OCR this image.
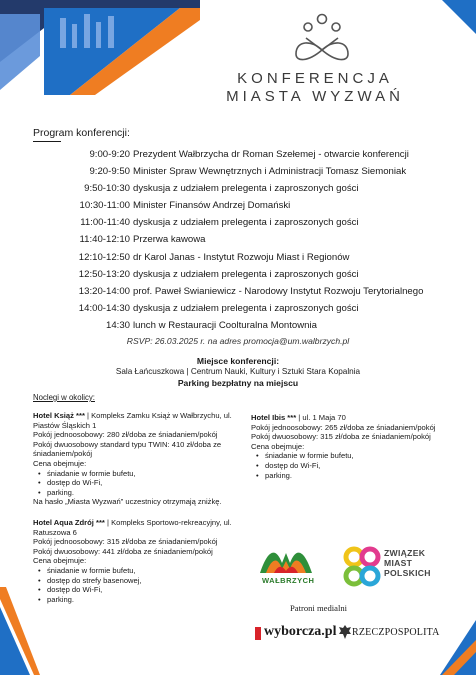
KONFERENCJA
MIASTA WYZWAŃ
Program konferencji:
9:00-9:20 Prezydent Wałbrzycha dr Roman Szełemej - otwarcie konferencji
9:20-9:50 Minister Spraw Wewnętrznych i Administracji Tomasz Siemoniak
9:50-10:30 dyskusja z udziałem prelegenta i zaproszonych gości
10:30-11:00 Minister Finansów Andrzej Domański
11:00-11:40 dyskusja z udziałem prelegenta i zaproszonych gości
11:40-12:10 Przerwa kawowa
12:10-12:50 dr Karol Janas - Instytut Rozwoju Miast i Regionów
12:50-13:20 dyskusja z udziałem prelegenta i zaproszonych gości
13:20-14:00 prof. Paweł Swianiewicz - Narodowy Instytut Rozwoju Terytorialnego
14:00-14:30 dyskusja z udziałem prelegenta i zaproszonych gości
14:30 lunch w Restauracji Coolturalna Montownia
RSVP: 26.03.2025 r. na adres promocja@um.walbrzych.pl
Miejsce konferencji:
Sala Łańcuszkowa | Centrum Nauki, Kultury i Sztuki Stara Kopalnia
Parking bezpłatny na miejscu
Noclegi w okolicy:
Hotel Książ *** | Kompleks Zamku Książ w Wałbrzychu, ul. Piastów Śląskich 1
Pokój jednoosobowy: 280 zł/doba ze śniadaniem/pokój
Pokój dwuosobowy standard typu TWIN: 410 zł/doba ze śniadaniem/pokój
Cena obejmuje:
• śniadanie w formie bufetu,
• dostęp do Wi-Fi,
• parking.
Na hasło „Miasta Wyzwań” uczestnicy otrzymają zniżkę.
Hotel Ibis *** | ul. 1 Maja 70
Pokój jednoosobowy: 265 zł/doba ze śniadaniem/pokój
Pokój dwuosobowy: 315 zł/doba ze śniadaniem/pokój
Cena obejmuje:
• śniadanie w formie bufetu,
• dostęp do Wi-Fi,
• parking.
Hotel Aqua Zdrój *** | Kompleks Sportowo-rekreacyjny, ul. Ratuszowa 6
Pokój jednoosobowy: 315 zł/doba ze śniadaniem/pokój
Pokój dwuosobowy: 441 zł/doba ze śniadaniem/pokój
Cena obejmuje:
• śniadanie w formie bufetu,
• dostęp do strefy basenowej,
• dostęp do Wi-Fi,
• parking.
WAŁBRZYCH
ZWIĄZEK
MIAST
POLSKICH
Patroni medialni
wyborcza.pl RZECZPOSPOLITA
